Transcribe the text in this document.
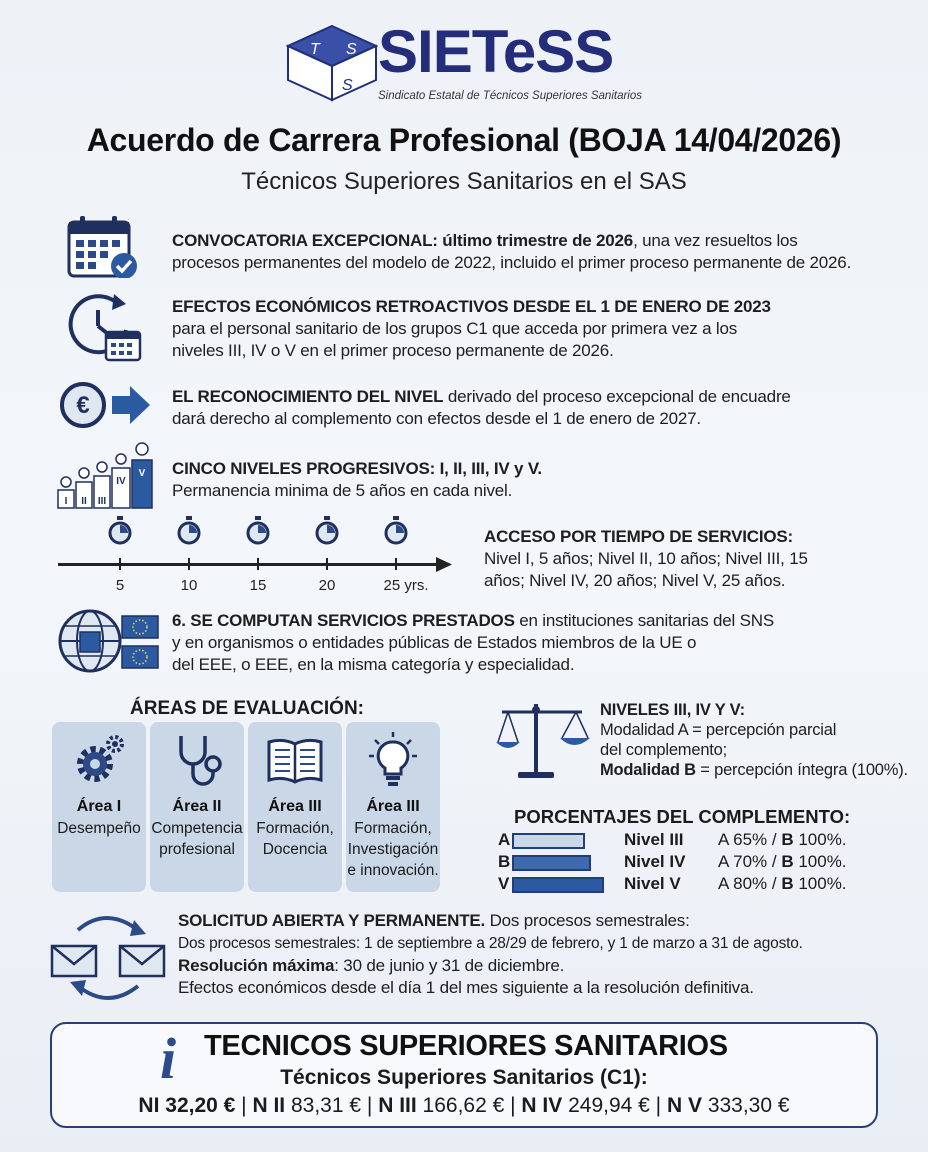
T S
S
SIETeSS
Sindicato Estatal de Técnicos Superiores Sanitarios
Acuerdo de Carrera Profesional (BOJA 14/04/2026)
Técnicos Superiores Sanitarios en el SAS
CONVOCATORIA EXCEPCIONAL: último trimestre de 2026, una vez resueltos los
procesos permanentes del modelo de 2022, incluido el primer proceso permanente de 2026.
EFECTOS ECONÓMICOS RETROACTIVOS DESDE EL 1 DE ENERO DE 2023
para el personal sanitario de los grupos C1 que acceda por primera vez a los
niveles III, IV o V en el primer proceso permanente de 2026.
€	EL RECONOCIMIENTO DEL NIVEL derivado del proceso excepcional de encuadre
dará derecho al complemento con efectos desde el 1 de enero de 2027.
I II III
IV
V CINCO NIVELES PROGRESIVOS: I, II, III, IV y V.
Permanencia minima de 5 años en cada nivel.
5	10	15	20	25 yrs.
ACCESO POR TIEMPO DE SERVICIOS:
Nivel I, 5 años; Nivel II, 10 años; Nivel III, 15
años; Nivel IV, 20 años; Nivel V, 25 años.
6. SE COMPUTAN SERVICIOS PRESTADOS en instituciones sanitarias del SNS
y en organismos o entidades públicas de Estados miembros de la UE o
del EEE, o EEE, en la misma categoría y especialidad.
ÁREAS DE EVALUACIÓN:
Área I
Desempeño
Área II
Competencia profesional
Área III
Formación, Docencia
Área III
Formación, Investigación e innovación.
NIVELES III, IV Y V:
Modalidad A = percepción parcial
del complemento;
Modalidad B = percepción íntegra (100%).
PORCENTAJES DEL COMPLEMENTO:
A	Nivel III A 65% / B 100%.
B	Nivel IV A 70% / B 100%.
V	Nivel V A 80% / B 100%.
SOLICITUD ABIERTA Y PERMANENTE. Dos procesos semestrales:
Dos procesos semestrales: 1 de septiembre a 28/29 de febrero, y 1 de marzo a 31 de agosto.
Resolución máxima: 30 de junio y 31 de diciembre.
Efectos económicos desde el día 1 del mes siguiente a la resolución definitiva.
i TECNICOS SUPERIORES SANITARIOS
Técnicos Superiores Sanitarios (C1):
NI 32,20 € | N II 83,31 € | N III 166,62 € | N IV 249,94 € | N V 333,30 €
